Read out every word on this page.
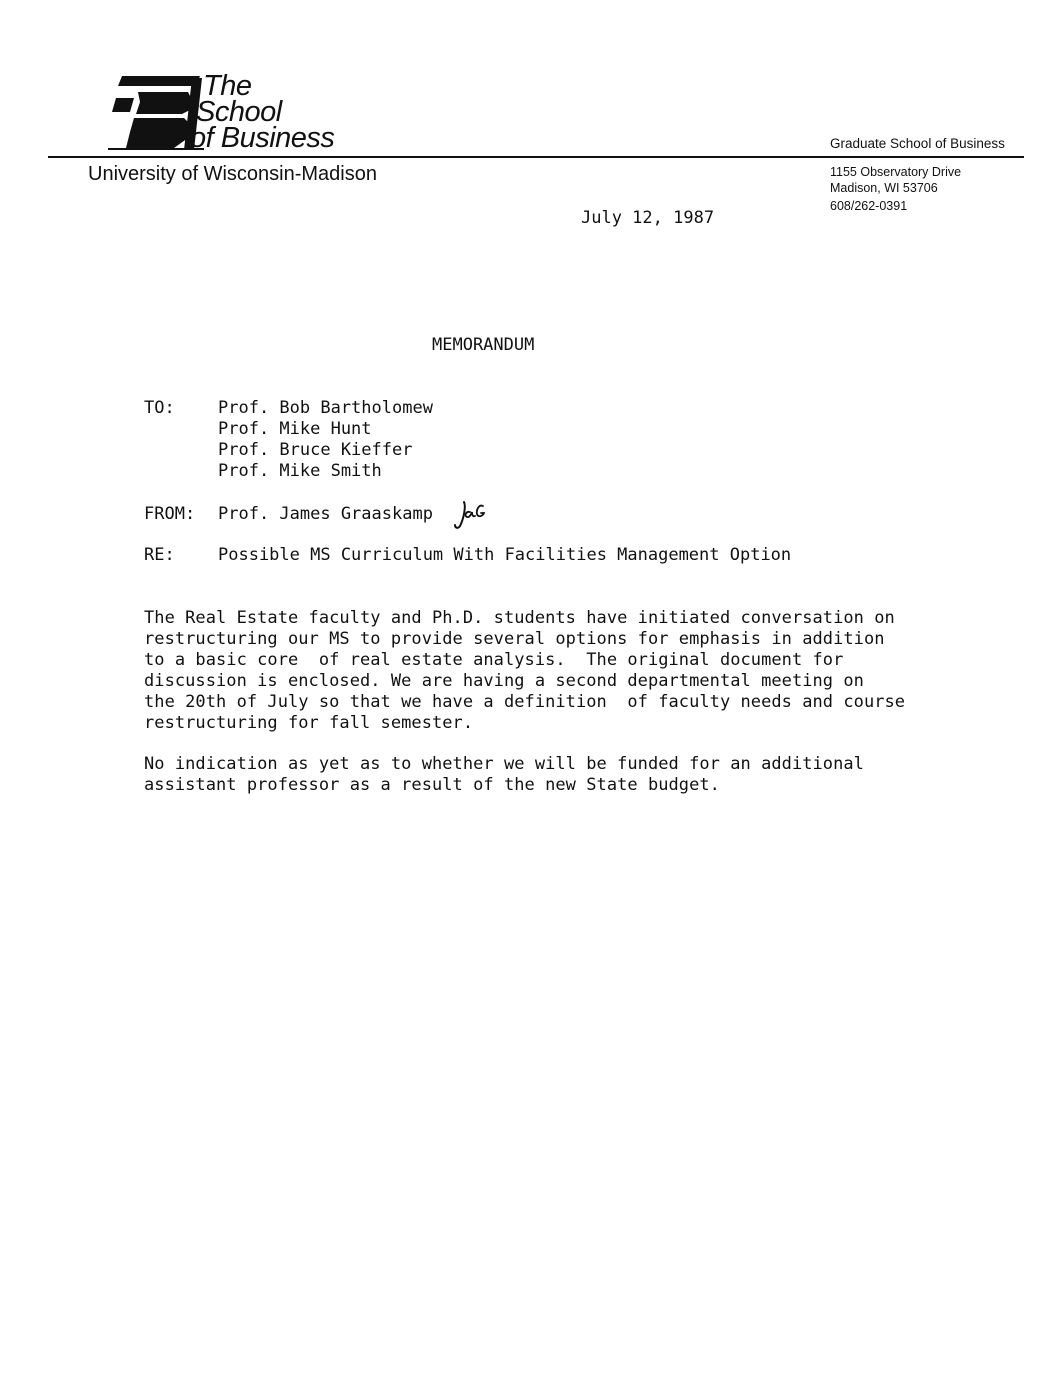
The
School
of Business
University of Wisconsin-Madison
Graduate School of Business
1155 Observatory Drive
Madison, WI 53706
608/262-0391
July 12, 1987
MEMORANDUM
TO:	Prof. Bob Bartholomew
Prof. Mike Hunt
Prof. Bruce Kieffer
Prof. Mike Smith
FROM: Prof. James Graaskamp
RE:	Possible MS Curriculum With Facilities Management Option
The Real Estate faculty and Ph.D. students have initiated conversation on
restructuring our MS to provide several options for emphasis in addition
to a basic core  of real estate analysis.  The original document for
discussion is enclosed. We are having a second departmental meeting on
the 20th of July so that we have a definition  of faculty needs and course
restructuring for fall semester.
No indication as yet as to whether we will be funded for an additional
assistant professor as a result of the new State budget.
